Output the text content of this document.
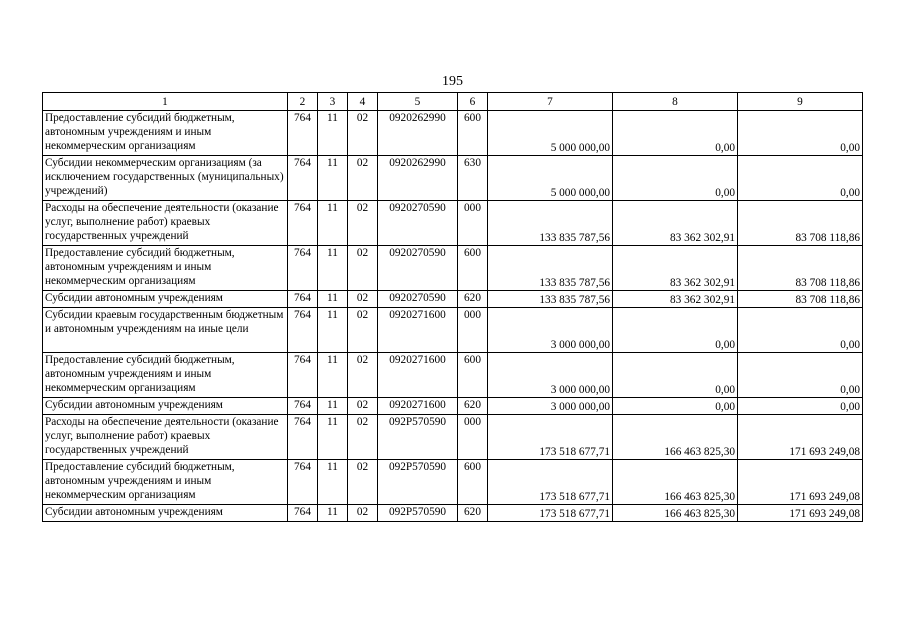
195
1	2	3	4	5	6	7	8	9
Предоставление субсидий бюджетным, автономным учреждениям и иным некоммерческим организациям	764	11	02	0920262990	600	5 000 000,00	0,00	0,00
Субсидии некоммерческим организациям (за исключением государственных (муниципальных) учреждений)	764	11	02	0920262990	630	5 000 000,00	0,00	0,00
Расходы на обеспечение деятельности (оказание услуг, выполнение работ) краевых государственных учреждений	764	11	02	0920270590	000	133 835 787,56	83 362 302,91	83 708 118,86
Предоставление субсидий бюджетным, автономным учреждениям и иным некоммерческим организациям	764	11	02	0920270590	600	133 835 787,56	83 362 302,91	83 708 118,86
Субсидии автономным учреждениям	764	11	02	0920270590	620	133 835 787,56	83 362 302,91	83 708 118,86
Субсидии краевым государственным бюджетным и автономным учреждениям на иные цели	764	11	02	0920271600	000	3 000 000,00	0,00	0,00
Предоставление субсидий бюджетным, автономным учреждениям и иным некоммерческим организациям	764	11	02	0920271600	600	3 000 000,00	0,00	0,00
Субсидии автономным учреждениям	764	11	02	0920271600	620	3 000 000,00	0,00	0,00
Расходы на обеспечение деятельности (оказание услуг, выполнение работ) краевых государственных учреждений	764	11	02	092P570590	000	173 518 677,71	166 463 825,30	171 693 249,08
Предоставление субсидий бюджетным, автономным учреждениям и иным некоммерческим организациям	764	11	02	092P570590	600	173 518 677,71	166 463 825,30	171 693 249,08
Субсидии автономным учреждениям	764	11	02	092P570590	620	173 518 677,71	166 463 825,30	171 693 249,08
